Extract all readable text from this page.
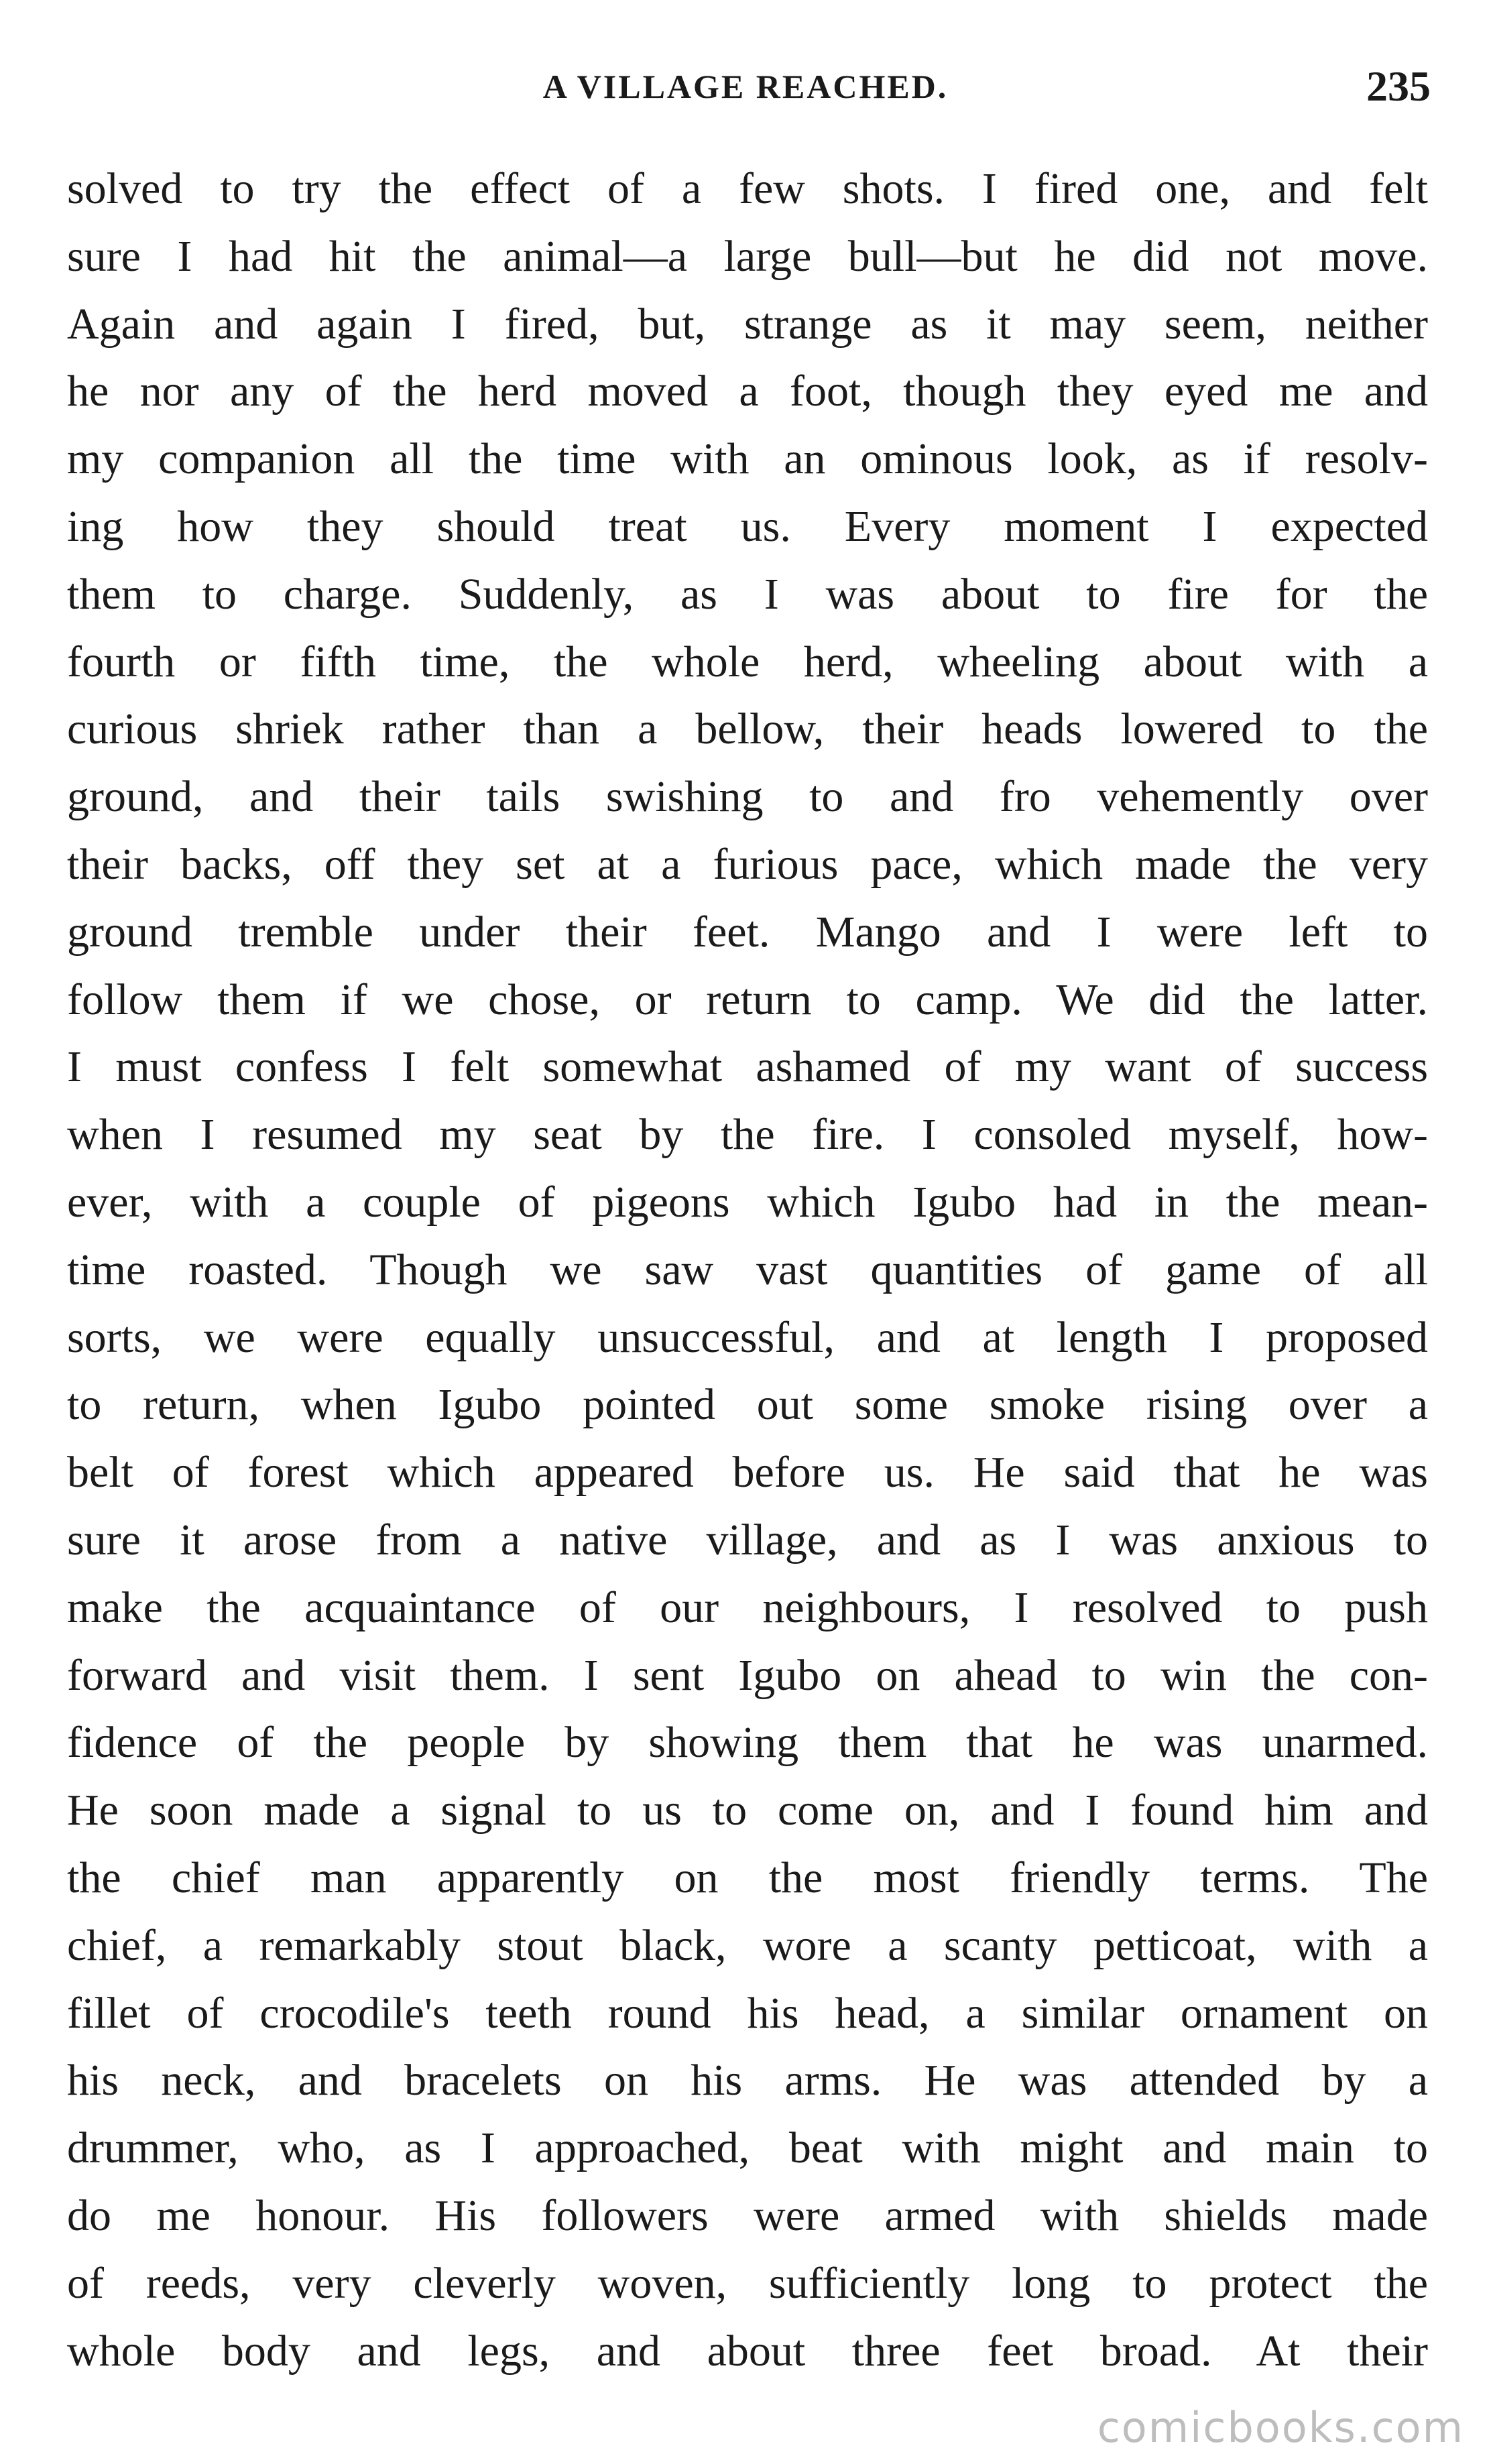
A VILLAGE REACHED.	235
solved to try the effect of a few shots. I fired one, and felt
sure I had hit the animal—a large bull—but he did not move.
Again and again I fired, but, strange as it may seem, neither
he nor any of the herd moved a foot, though they eyed me and
my companion all the time with an ominous look, as if resolv-
ing how they should treat us. Every moment I expected
them to charge. Suddenly, as I was about to fire for the
fourth or fifth time, the whole herd, wheeling about with a
curious shriek rather than a bellow, their heads lowered to the
ground, and their tails swishing to and fro vehemently over
their backs, off they set at a furious pace, which made the very
ground tremble under their feet. Mango and I were left to
follow them if we chose, or return to camp. We did the latter.
I must confess I felt somewhat ashamed of my want of success
when I resumed my seat by the fire. I consoled myself, how-
ever, with a couple of pigeons which Igubo had in the mean-
time roasted. Though we saw vast quantities of game of all
sorts, we were equally unsuccessful, and at length I proposed
to return, when Igubo pointed out some smoke rising over a
belt of forest which appeared before us. He said that he was
sure it arose from a native village, and as I was anxious to
make the acquaintance of our neighbours, I resolved to push
forward and visit them. I sent Igubo on ahead to win the con-
fidence of the people by showing them that he was unarmed.
He soon made a signal to us to come on, and I found him and
the chief man apparently on the most friendly terms. The
chief, a remarkably stout black, wore a scanty petticoat, with a
fillet of crocodile's teeth round his head, a similar ornament on
his neck, and bracelets on his arms. He was attended by a
drummer, who, as I approached, beat with might and main to
do me honour. His followers were armed with shields made
of reeds, very cleverly woven, sufficiently long to protect the
whole body and legs, and about three feet broad. At their
comicbooks.com
